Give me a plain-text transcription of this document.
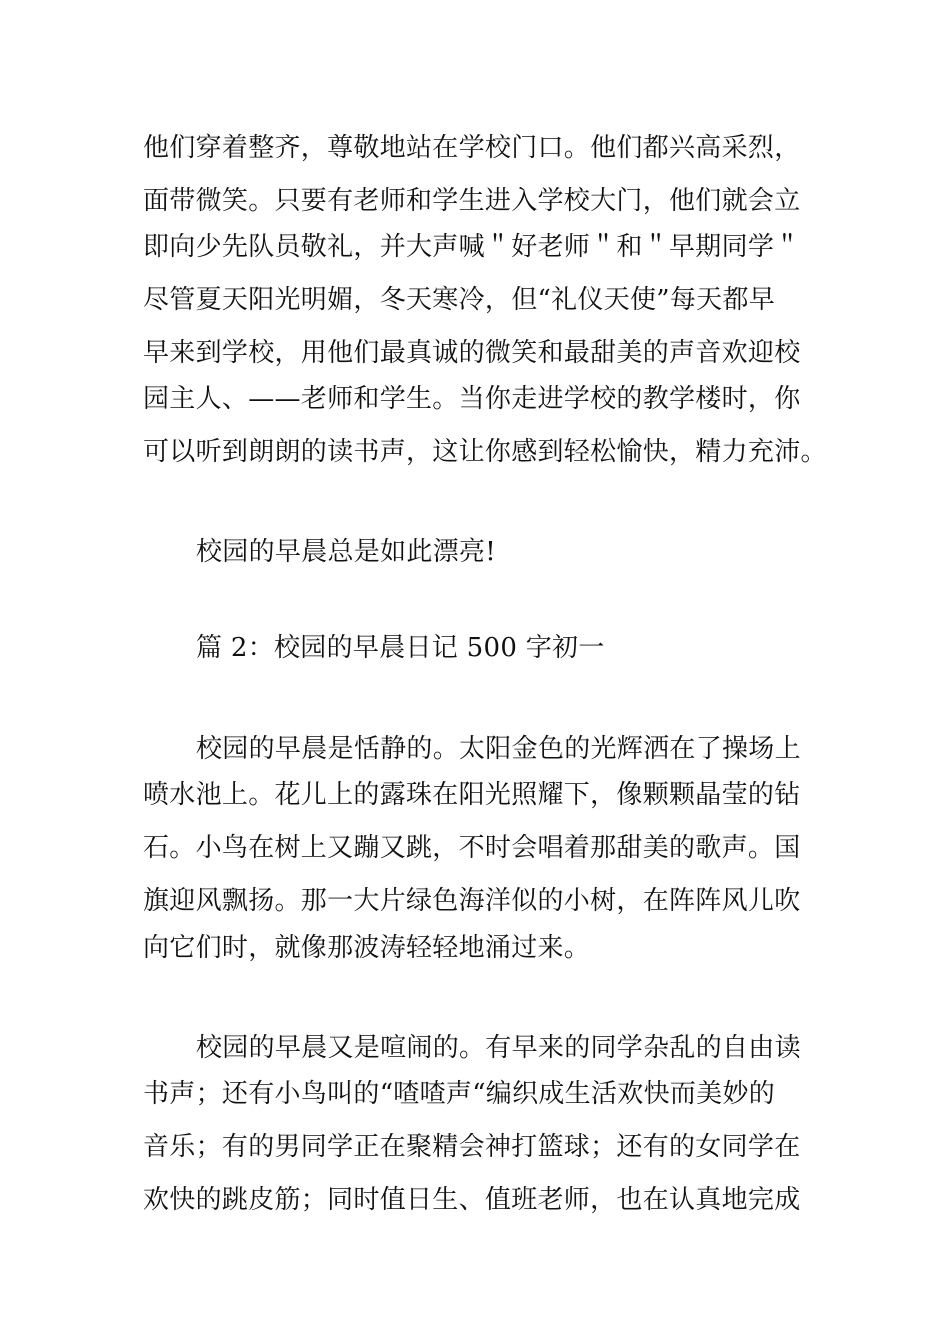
他们穿着整齐，尊敬地站在学校门口。他们都兴高采烈，
面带微笑。只要有老师和学生进入学校大门，他们就会立
即向少先队员敬礼，并大声喊＂好老师＂和＂早期同学＂
尽管夏天阳光明媚，冬天寒冷，但“礼仪天使”每天都早
早来到学校，用他们最真诚的微笑和最甜美的声音欢迎校
园主人、——老师和学生。当你走进学校的教学楼时，你
可以听到朗朗的读书声，这让你感到轻松愉快，精力充沛。
校园的早晨总是如此漂亮!
篇 2：校园的早晨日记 500 字初一
校园的早晨是恬静的。太阳金色的光辉洒在了操场上
喷水池上。花儿上的露珠在阳光照耀下，像颗颗晶莹的钻
石。小鸟在树上又蹦又跳，不时会唱着那甜美的歌声。国
旗迎风飘扬。那一大片绿色海洋似的小树，在阵阵风儿吹
向它们时，就像那波涛轻轻地涌过来。
校园的早晨又是喧闹的。有早来的同学杂乱的自由读
书声；还有小鸟叫的“喳喳声“编织成生活欢快而美妙的
音乐；有的男同学正在聚精会神打篮球；还有的女同学在
欢快的跳皮筋；同时值日生、值班老师，也在认真地完成
